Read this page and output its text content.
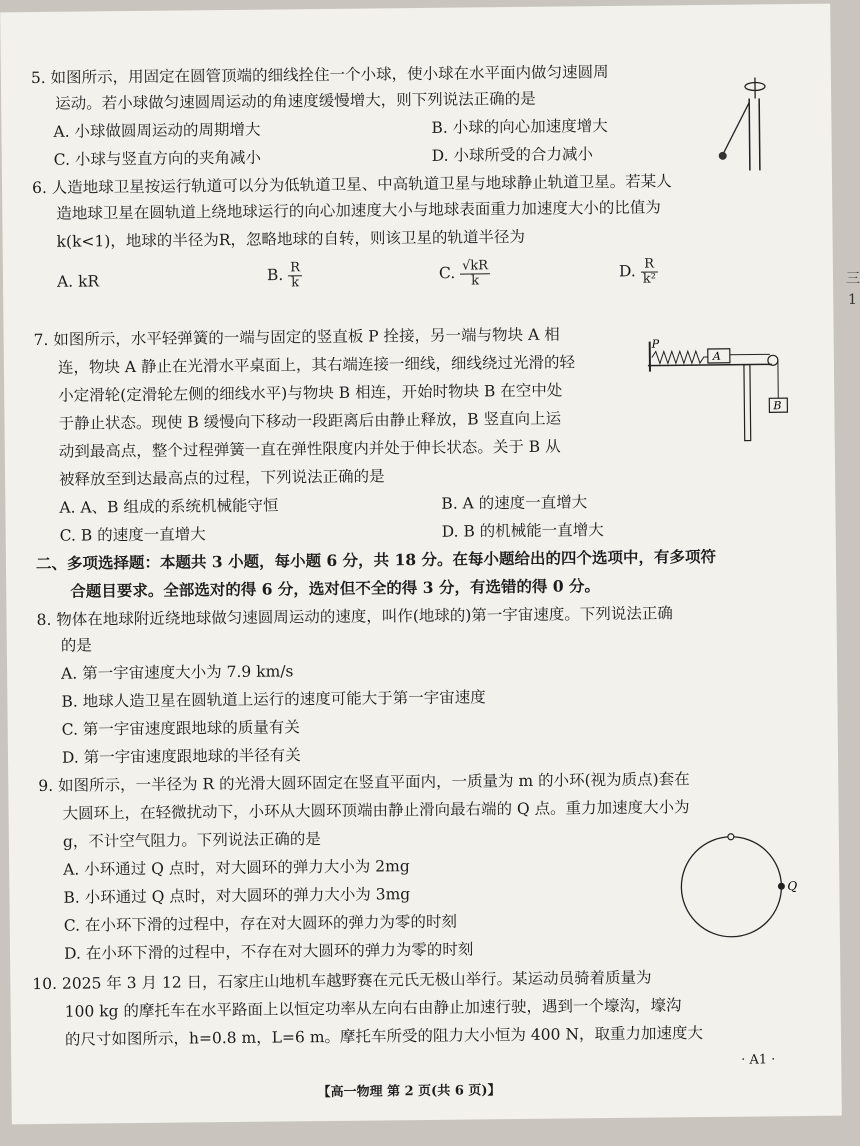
5. 如图所示，用固定在圆管顶端的细线拴住一个小球，使小球在水平面内做匀速圆周
运动。若小球做匀速圆周运动的角速度缓慢增大，则下列说法正确的是
A. 小球做圆周运动的周期增大	B. 小球的向心加速度增大
C. 小球与竖直方向的夹角减小	D. 小球所受的合力减小
6. 人造地球卫星按运行轨道可以分为低轨道卫星、中高轨道卫星与地球静止轨道卫星。若某人
造地球卫星在圆轨道上绕地球运行的向心加速度大小与地球表面重力加速度大小的比值为
k(k<1)，地球的半径为R，忽略地球的自转，则该卫星的轨道半径为
A. kR	B. $\frac{R}{k}$	C. $\frac{√kR}{k}$	D. $\frac{R}{\text{k²}}$
7. 如图所示，水平轻弹簧的一端与固定的竖直板 P 拴接，另一端与物块 A 相
连，物块 A 静止在光滑水平桌面上，其右端连接一细线，细线绕过光滑的轻
小定滑轮(定滑轮左侧的细线水平)与物块 B 相连，开始时物块 B 在空中处
于静止状态。现使 B 缓慢向下移动一段距离后由静止释放，B 竖直向上运
动到最高点，整个过程弹簧一直在弹性限度内并处于伸长状态。关于 B 从
被释放至到达最高点的过程，下列说法正确的是
A. A、B 组成的系统机械能守恒	B. A 的速度一直增大
C. B 的速度一直增大	D. B 的机械能一直增大
P
A
B
二、多项选择题：本题共 3 小题，每小题 6 分，共 18 分。在每小题给出的四个选项中，有多项符
合题目要求。全部选对的得 6 分，选对但不全的得 3 分，有选错的得 0 分。
8. 物体在地球附近绕地球做匀速圆周运动的速度，叫作(地球的)第一宇宙速度。下列说法正确
的是
A. 第一宇宙速度大小为 7.9 km/s
B. 地球人造卫星在圆轨道上运行的速度可能大于第一宇宙速度
C. 第一宇宙速度跟地球的质量有关
D. 第一宇宙速度跟地球的半径有关
9. 如图所示，一半径为 R 的光滑大圆环固定在竖直平面内，一质量为 m 的小环(视为质点)套在
大圆环上，在轻微扰动下，小环从大圆环顶端由静止滑向最右端的 Q 点。重力加速度大小为
g，不计空气阻力。下列说法正确的是
A. 小环通过 Q 点时，对大圆环的弹力大小为 2mg
B. 小环通过 Q 点时，对大圆环的弹力大小为 3mg
C. 在小环下滑的过程中，存在对大圆环的弹力为零的时刻
D. 在小环下滑的过程中，不存在对大圆环的弹力为零的时刻
Q
10. 2025 年 3 月 12 日，石家庄山地机车越野赛在元氏无极山举行。某运动员骑着质量为
100 kg 的摩托车在水平路面上以恒定功率从左向右由静止加速行驶，遇到一个壕沟，壕沟
的尺寸如图所示，h=0.8 m，L=6 m。摩托车所受的阻力大小恒为 400 N，取重力加速度大
· A1 ·
【高一物理 第 2 页(共 6 页)】
三
1
